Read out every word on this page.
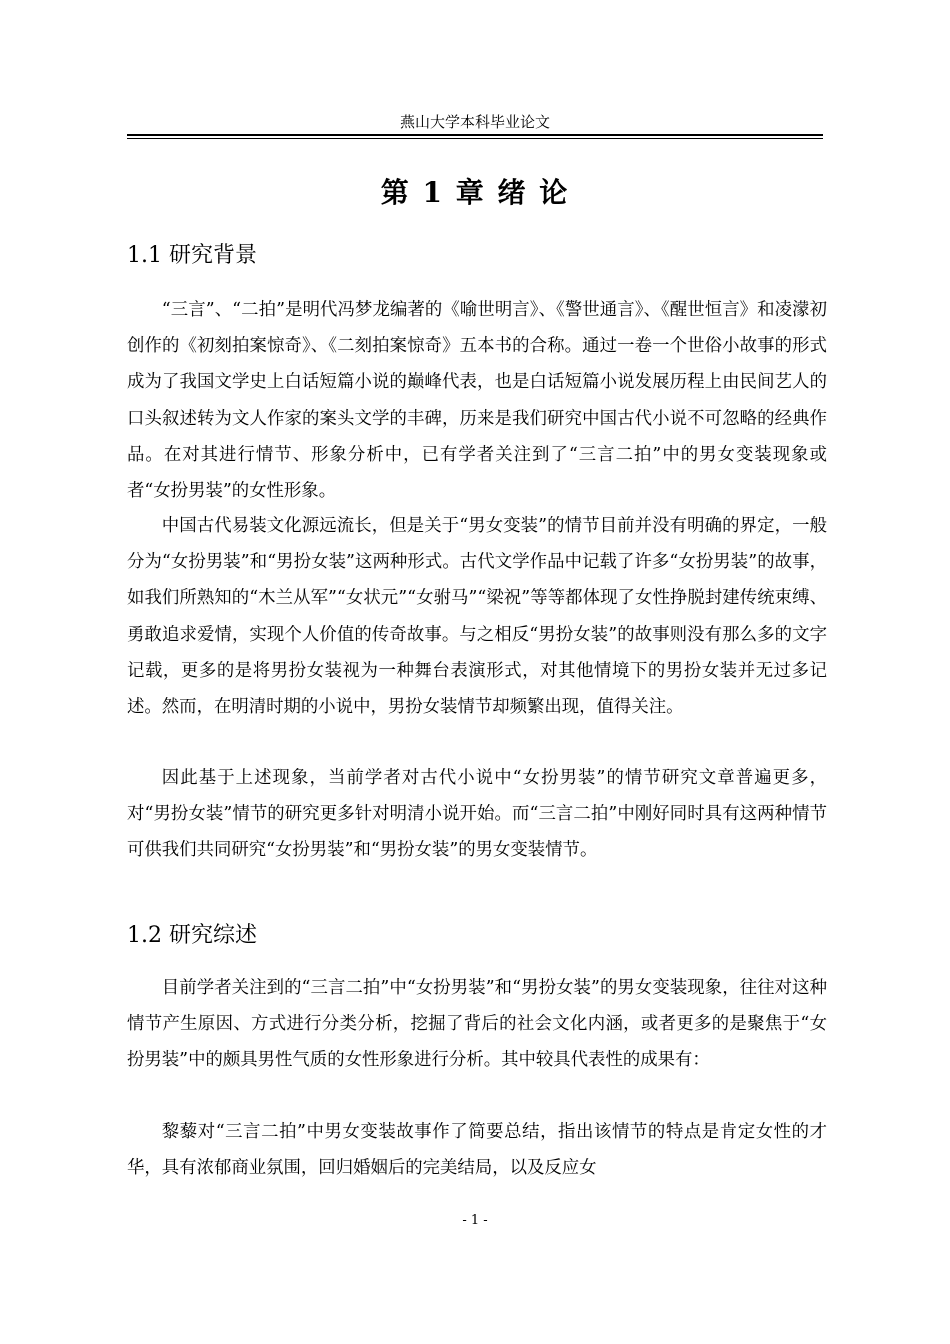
燕山大学本科毕业论文
第 1 章 绪 论
1.1 研究背景

“三言”、“二拍”是明代冯梦龙编著的《喻世明言》、《警世通言》、《醒世恒言》和凌濛初创作的《初刻拍案惊奇》、《二刻拍案惊奇》五本书的合称。通过一卷一个世俗小故事的形式成为了我国文学史上白话短篇小说的巅峰代表，也是白话短篇小说发展历程上由民间艺人的口头叙述转为文人作家的案头文学的丰碑，历来是我们研究中国古代小说不可忽略的经典作品。在对其进行情节、形象分析中，已有学者关注到了“三言二拍”中的男女变装现象或者“女扮男装”的女性形象。

中国古代易装文化源远流长，但是关于“男女变装”的情节目前并没有明确的界定，一般分为“女扮男装”和“男扮女装”这两种形式。古代文学作品中记载了许多“女扮男装”的故事，如我们所熟知的“木兰从军”“女状元”“女驸马”“梁祝”等等都体现了女性挣脱封建传统束缚、勇敢追求爱情，实现个人价值的传奇故事。与之相反“男扮女装”的故事则没有那么多的文字记载，更多的是将男扮女装视为一种舞台表演形式，对其他情境下的男扮女装并无过多记述。然而，在明清时期的小说中，男扮女装情节却频繁出现，值得关注。

因此基于上述现象，当前学者对古代小说中“女扮男装”的情节研究文章普遍更多，对“男扮女装”情节的研究更多针对明清小说开始。而“三言二拍”中刚好同时具有这两种情节可供我们共同研究“女扮男装”和“男扮女装”的男女变装情节。

1.2 研究综述

目前学者关注到的“三言二拍”中“女扮男装”和“男扮女装”的男女变装现象，往往对这种情节产生原因、方式进行分类分析，挖掘了背后的社会文化内涵，或者更多的是聚焦于“女扮男装”中的颇具男性气质的女性形象进行分析。其中较具代表性的成果有：

黎藜对“三言二拍”中男女变装故事作了简要总结，指出该情节的特点是肯定女性的才华，具有浓郁商业氛围，回归婚姻后的完美结局，以及反应女

- 1 -
